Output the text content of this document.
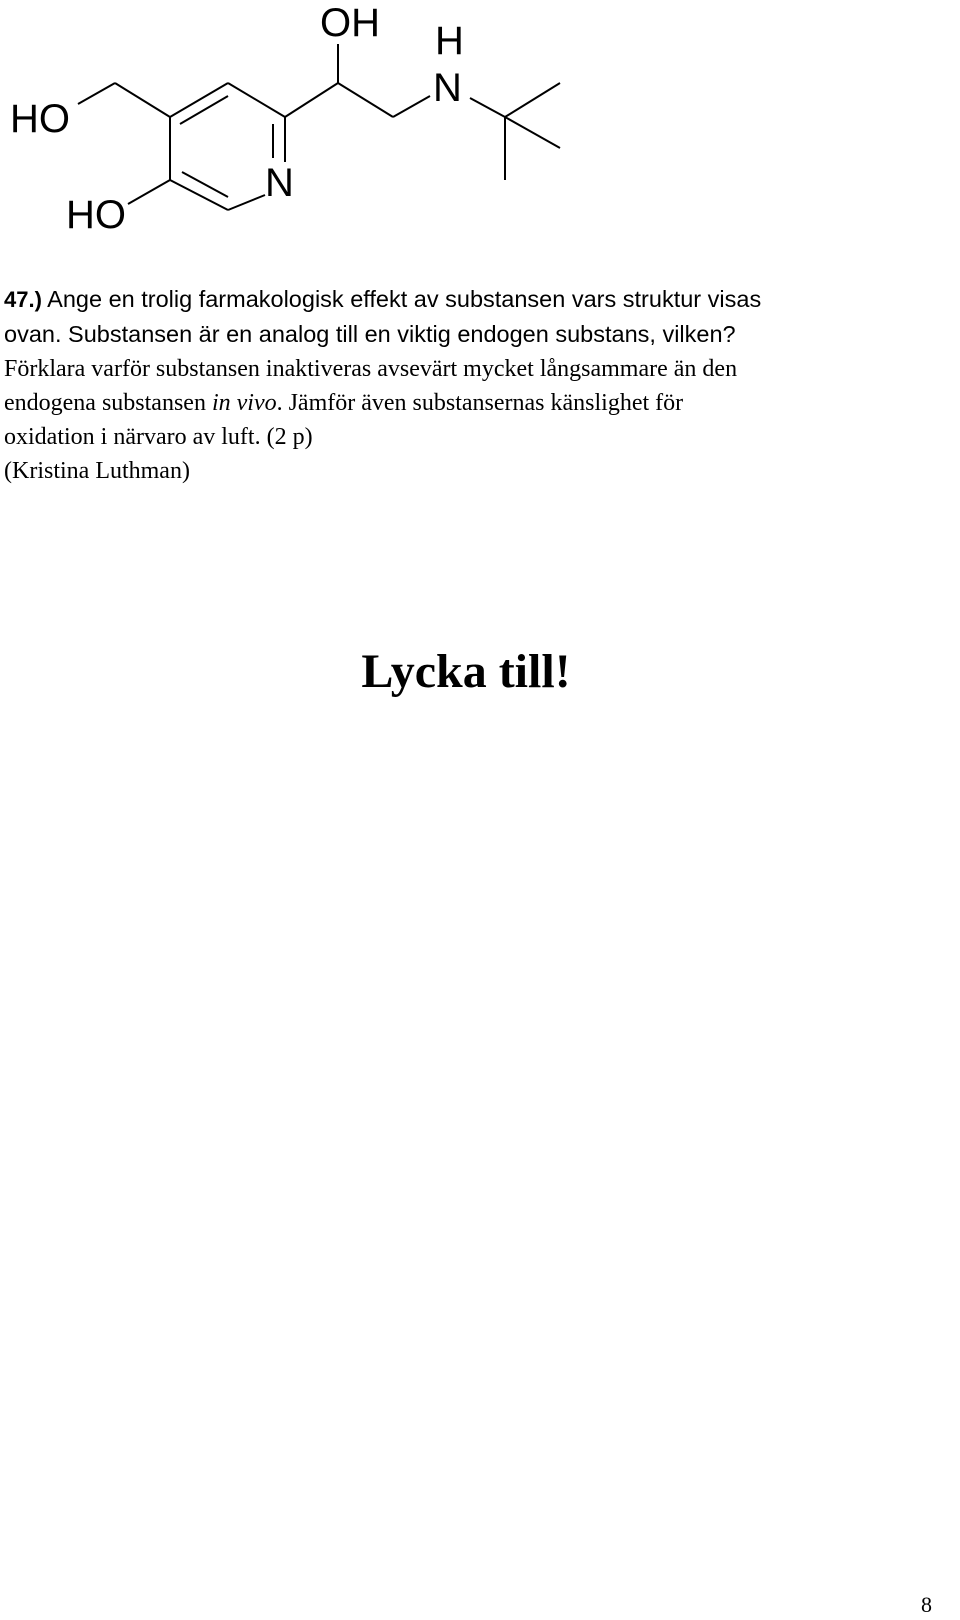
HO
HO
N
OH H
N

47.) Ange en trolig farmakologisk effekt av substansen vars struktur visas
ovan. Substansen är en analog till en viktig endogen substans, vilken?
Förklara varför substansen inaktiveras avsevärt mycket långsammare än den
endogena substansen in vivo. Jämför även substansernas känslighet för
oxidation i närvaro av luft. (2 p)
(Kristina Luthman)

Lycka till!

8
